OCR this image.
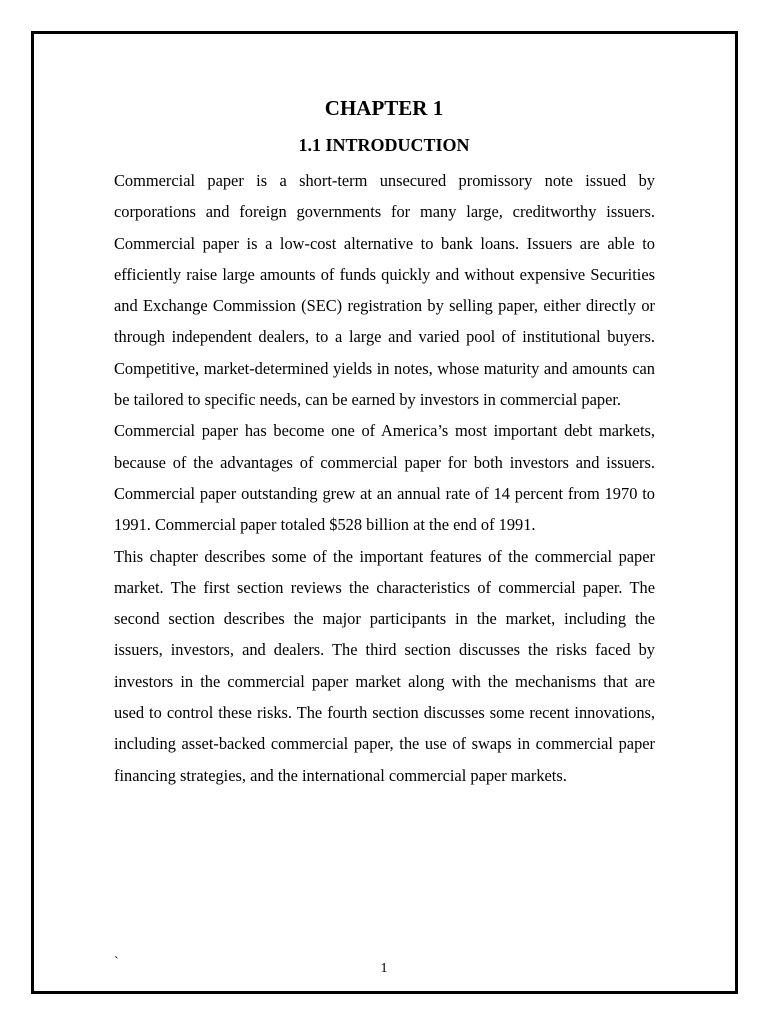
CHAPTER 1
1.1 INTRODUCTION

Commercial paper is a short-term unsecured promissory note issued by corporations and foreign governments for many large, creditworthy issuers. Commercial paper is a low-cost alternative to bank loans. Issuers are able to efficiently raise large amounts of funds quickly and without expensive Securities and Exchange Commission (SEC) registration by selling paper, either directly or through independent dealers, to a large and varied pool of institutional buyers. Competitive, market-determined yields in notes, whose maturity and amounts can be tailored to specific needs, can be earned by investors in commercial paper.

Commercial paper has become one of America’s most important debt markets, because of the advantages of commercial paper for both investors and issuers. Commercial paper outstanding grew at an annual rate of 14 percent from 1970 to 1991. Commercial paper totaled $528 billion at the end of 1991.

This chapter describes some of the important features of the commercial paper market. The first section reviews the characteristics of commercial paper. The second section describes the major participants in the market, including the issuers, investors, and dealers. The third section discusses the risks faced by investors in the commercial paper market along with the mechanisms that are used to control these risks. The fourth section discusses some recent innovations, including asset-backed commercial paper, the use of swaps in commercial paper financing strategies, and the international commercial paper markets.

`	1
